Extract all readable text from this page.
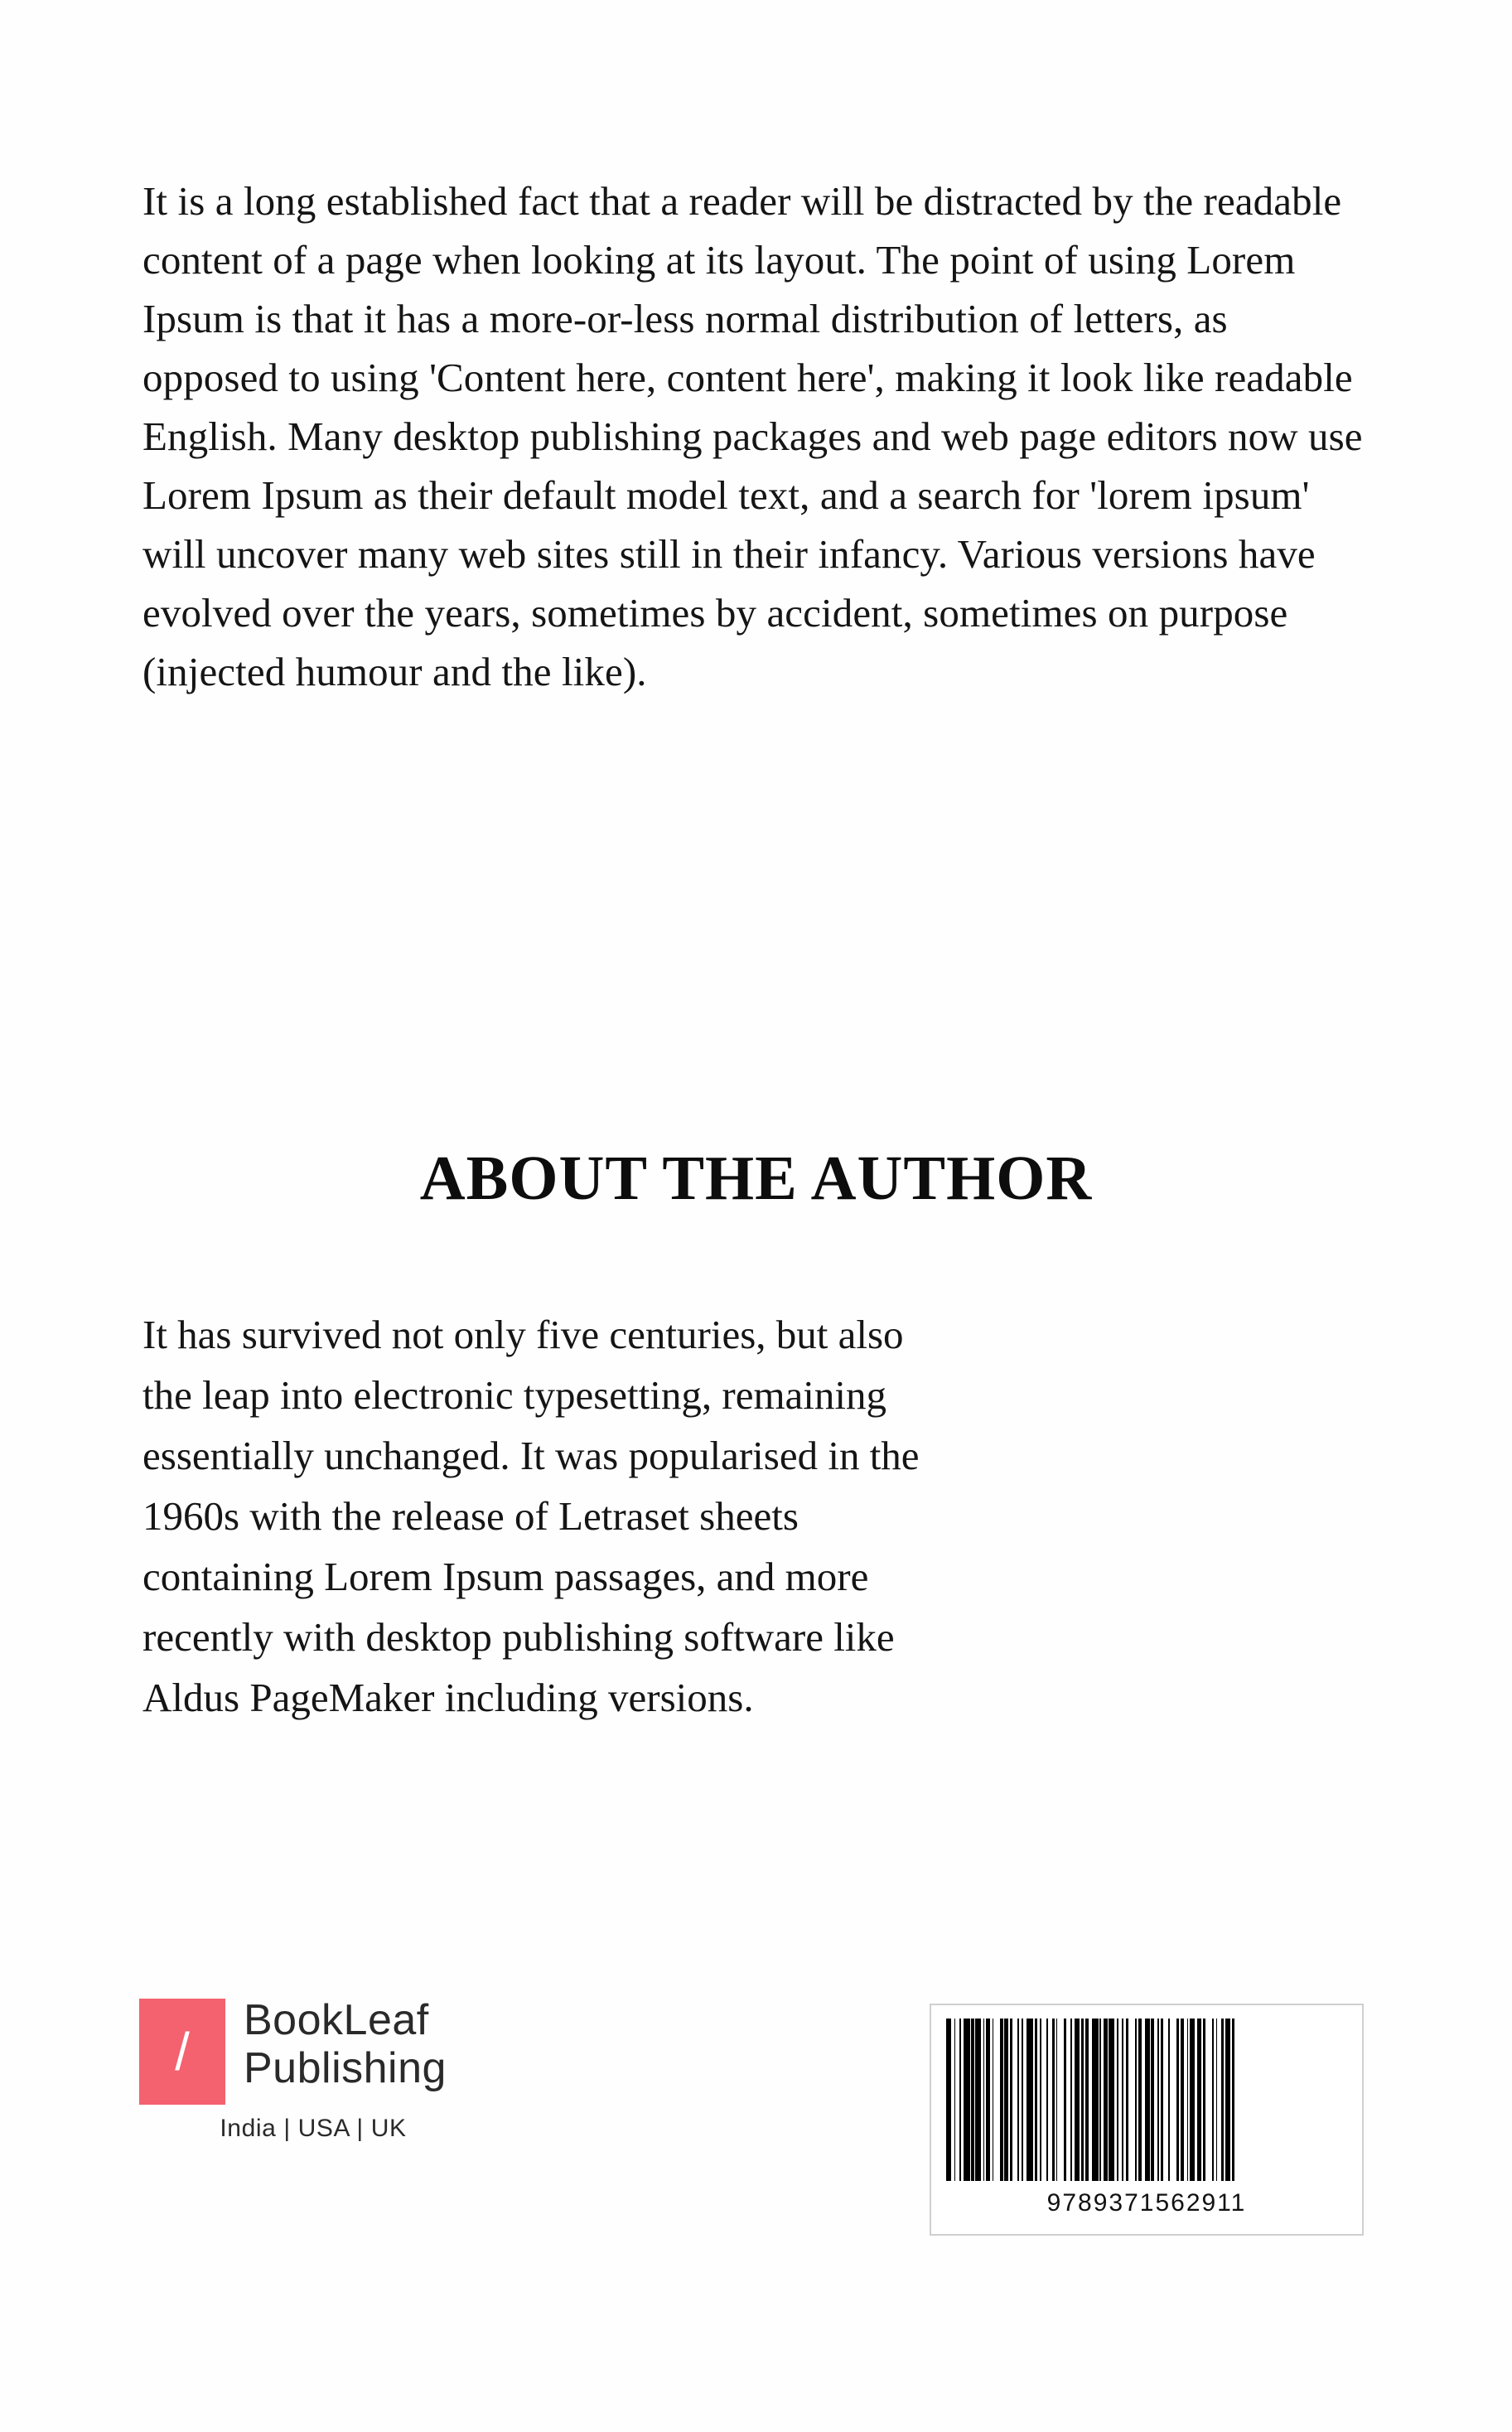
It is a long established fact that a reader will be distracted by the readable content of a page when looking at its layout. The point of using Lorem Ipsum is that it has a more-or-less normal distribution of letters, as opposed to using 'Content here, content here', making it look like readable English. Many desktop publishing packages and web page editors now use Lorem Ipsum as their default model text, and a search for 'lorem ipsum' will uncover many web sites still in their infancy. Various versions have evolved over the years, sometimes by accident, sometimes on purpose (injected humour and the like).

ABOUT THE AUTHOR

It has survived not only five centuries, but also the leap into electronic typesetting, remaining essentially unchanged. It was popularised in the 1960s with the release of Letraset sheets containing Lorem Ipsum passages, and more recently with desktop publishing software like Aldus PageMaker including versions.

/
BookLeaf
Publishing
India | USA | UK
9789371562911
